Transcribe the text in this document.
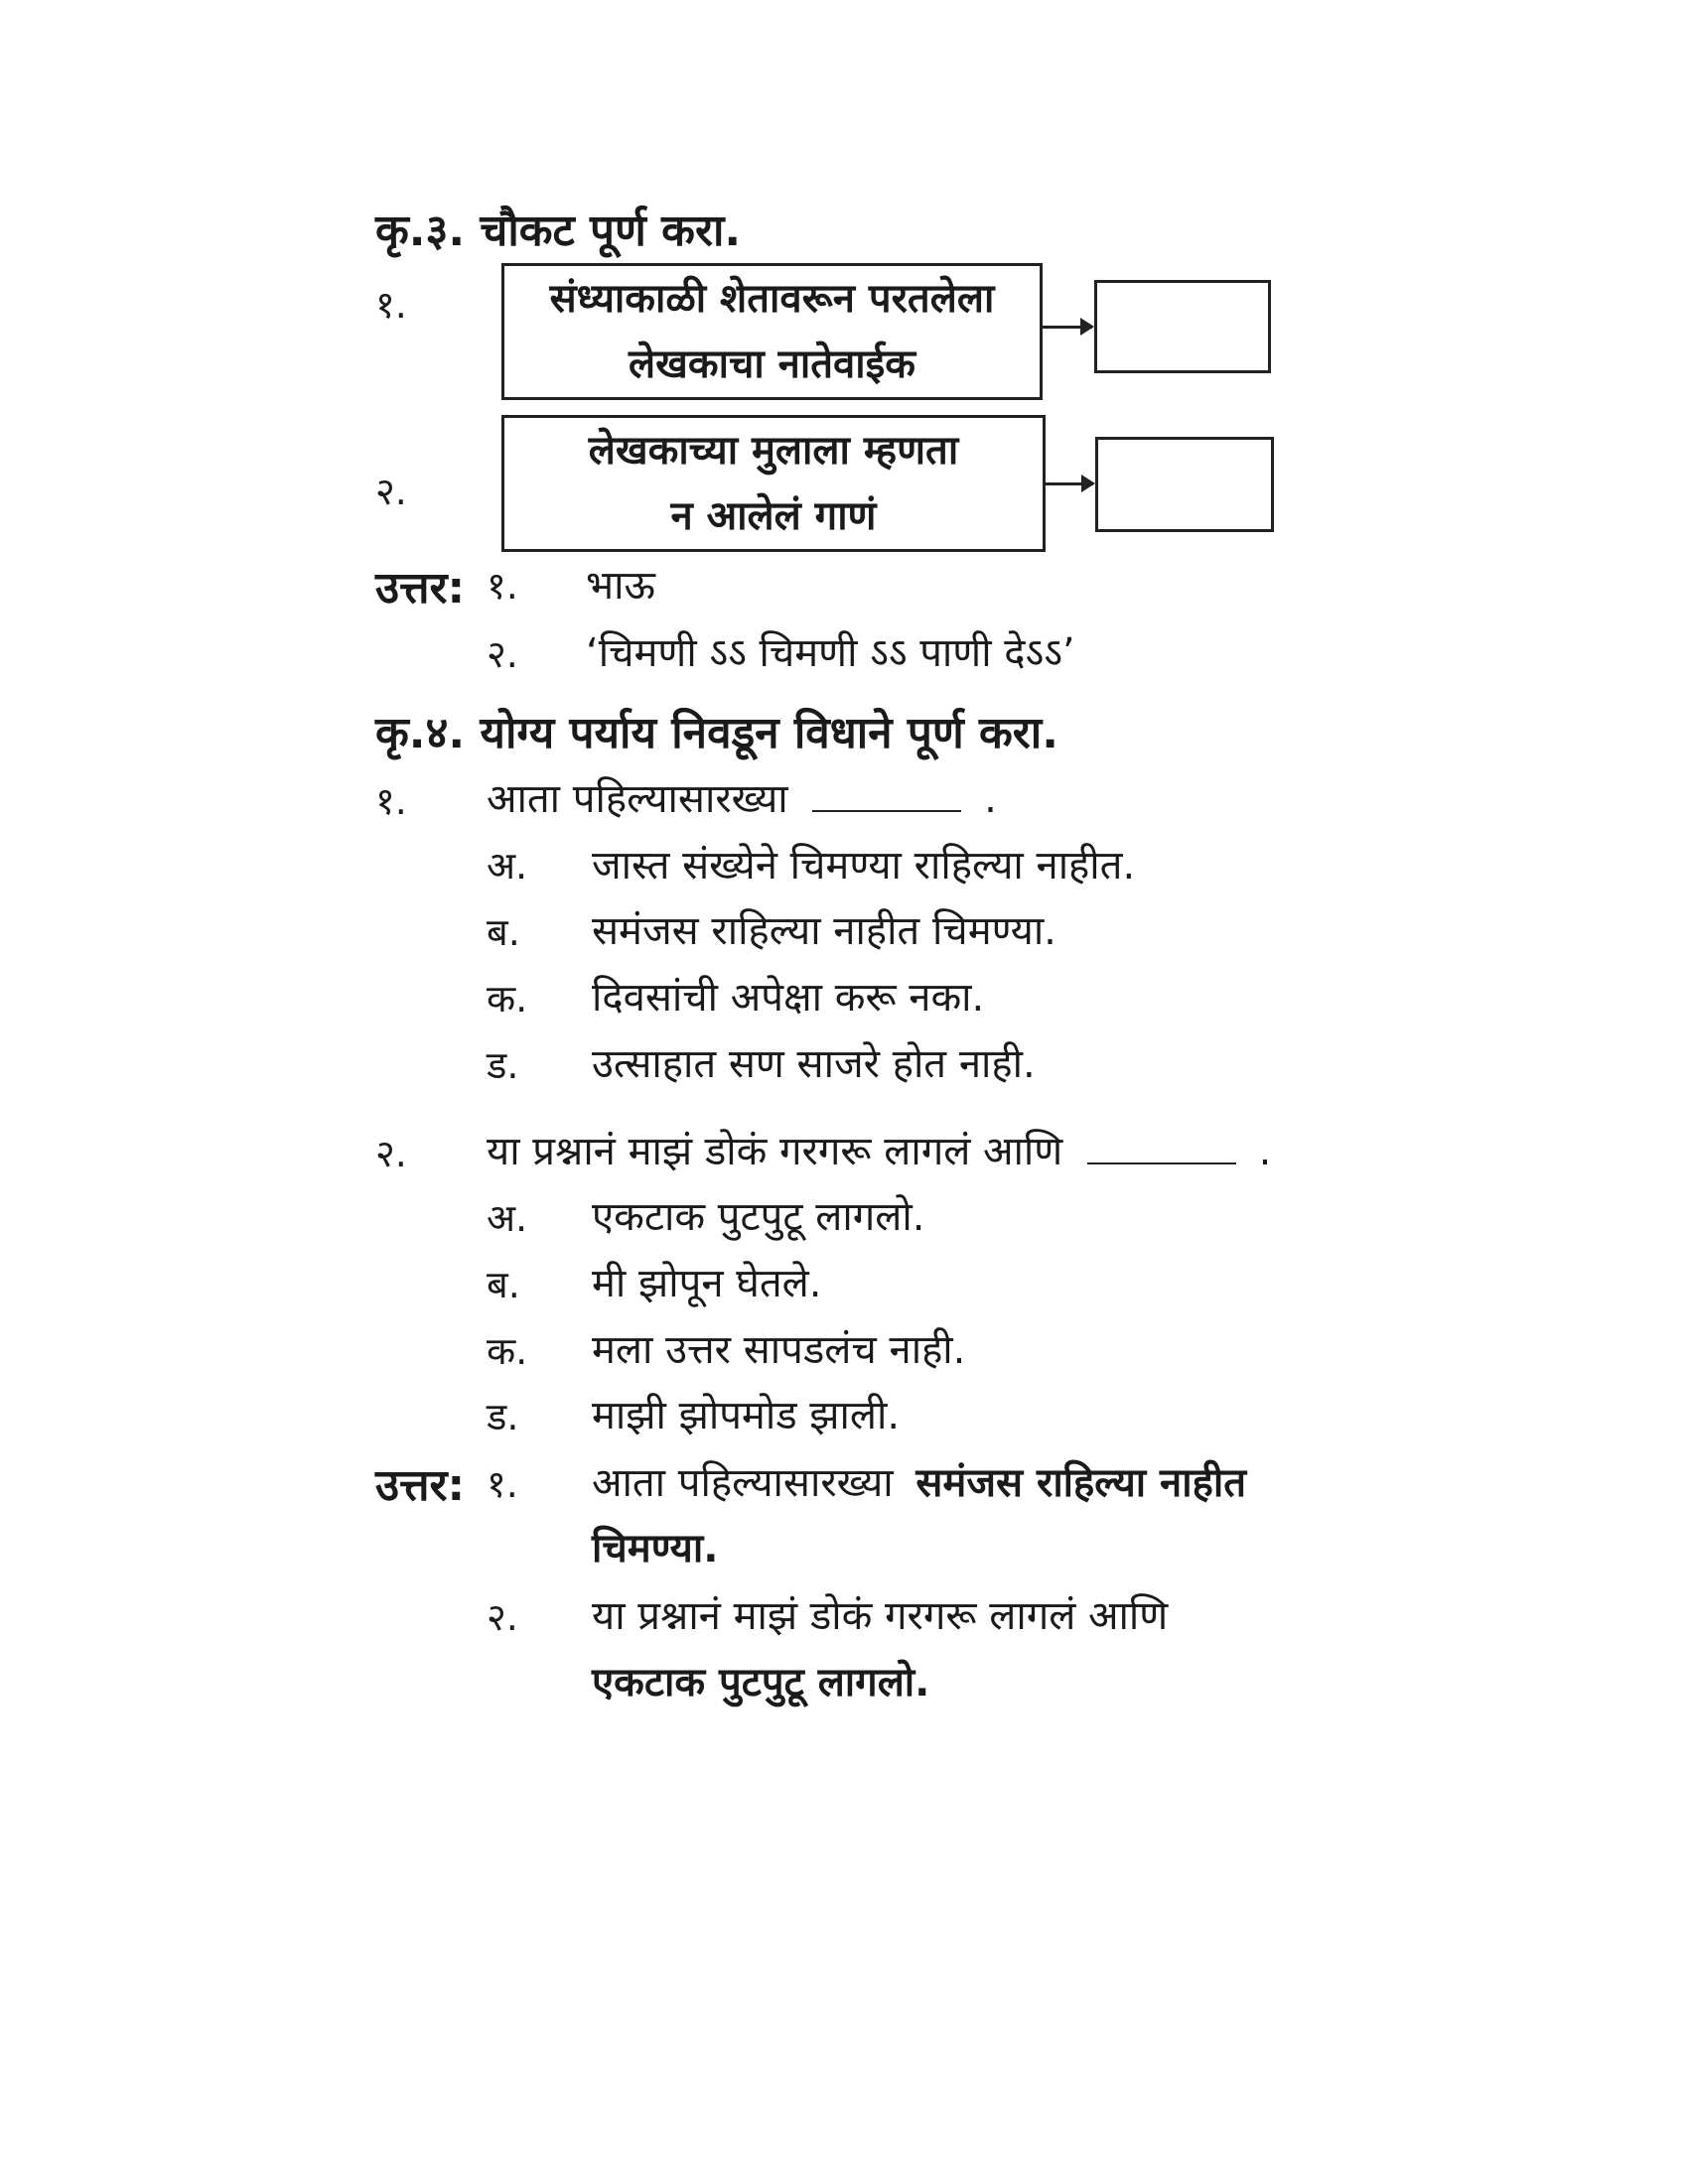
कृ.३. चौकट पूर्ण करा.
१.	संध्याकाळी शेतावरून परतलेला
लेखकाचा नातेवाईक
२.
लेखकाच्या मुलाला म्हणता
न आलेलं गाणं
उत्तर: १. भाऊ
२. ‘चिमणी ऽऽ चिमणी ऽऽ पाणी देऽऽ’
कृ.४. योग्य पर्याय निवडून विधाने पूर्ण करा.
१. आता पहिल्यासारख्या	.
अ. जास्त संख्येने चिमण्या राहिल्या नाहीत.
ब. समंजस राहिल्या नाहीत चिमण्या.
क. दिवसांची अपेक्षा करू नका.
ड. उत्साहात सण साजरे होत नाही.
२. या प्रश्नानं माझं डोकं गरगरू लागलं आणि	.
अ. एकटाक पुटपुटू लागलो.
ब. मी झोपून घेतले.
क. मला उत्तर सापडलंच नाही.
ड. माझी झोपमोड झाली.
उत्तर: १. आता पहिल्यासारख्या समंजस राहिल्या नाहीत
चिमण्या.
२. या प्रश्नानं माझं डोकं गरगरू लागलं आणि
एकटाक पुटपुटू लागलो.
